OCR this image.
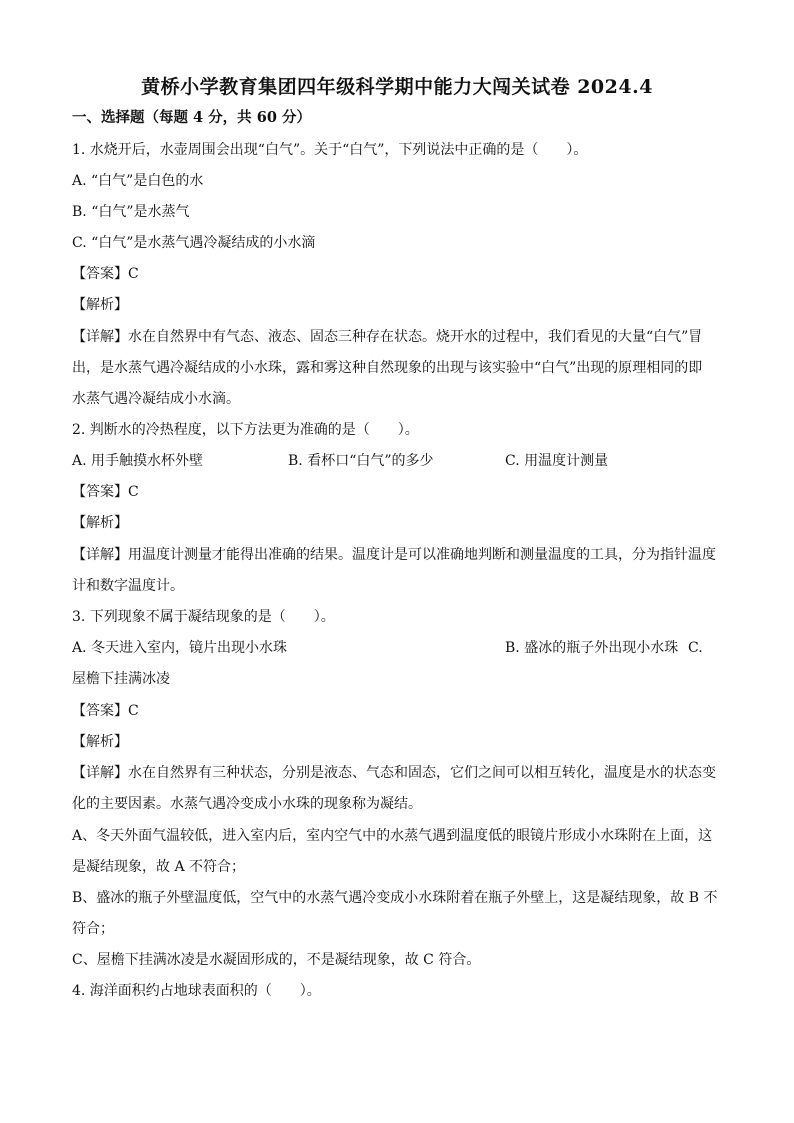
黄桥小学教育集团四年级科学期中能力大闯关试卷 2024.4
一、选择题（每题 4 分，共 60 分）
1. 水烧开后，水壶周围会出现“白气”。关于“白气”，下列说法中正确的是（　　）。
A. “白气”是白色的水
B. “白气”是水蒸气
C. “白气”是水蒸气遇冷凝结成的小水滴
【答案】C
【解析】
【详解】水在自然界中有气态、液态、固态三种存在状态。烧开水的过程中，我们看见的大量“白气”冒
出，是水蒸气遇冷凝结成的小水珠，露和雾这种自然现象的出现与该实验中“白气”出现的原理相同的即
水蒸气遇冷凝结成小水滴。
2. 判断水的冷热程度，以下方法更为准确的是（　　）。
A. 用手触摸水杯外壁	B. 看杯口“白气”的多少	C. 用温度计测量
【答案】C
【解析】
【详解】用温度计测量才能得出准确的结果。温度计是可以准确地判断和测量温度的工具，分为指针温度
计和数字温度计。
3. 下列现象不属于凝结现象的是（　　）。
A. 冬天进入室内，镜片出现小水珠	B. 盛冰的瓶子外出现小水珠 C.
屋檐下挂满冰凌
【答案】C
【解析】
【详解】水在自然界有三种状态，分别是液态、气态和固态，它们之间可以相互转化，温度是水的状态变
化的主要因素。水蒸气遇冷变成小水珠的现象称为凝结。
A、冬天外面气温较低，进入室内后，室内空气中的水蒸气遇到温度低的眼镜片形成小水珠附在上面，这
是凝结现象，故 A 不符合；
B、盛冰的瓶子外壁温度低，空气中的水蒸气遇冷变成小水珠附着在瓶子外壁上，这是凝结现象，故 B 不
符合；
C、屋檐下挂满冰凌是水凝固形成的，不是凝结现象，故 C 符合。
4. 海洋面积约占地球表面积的（　　）。
